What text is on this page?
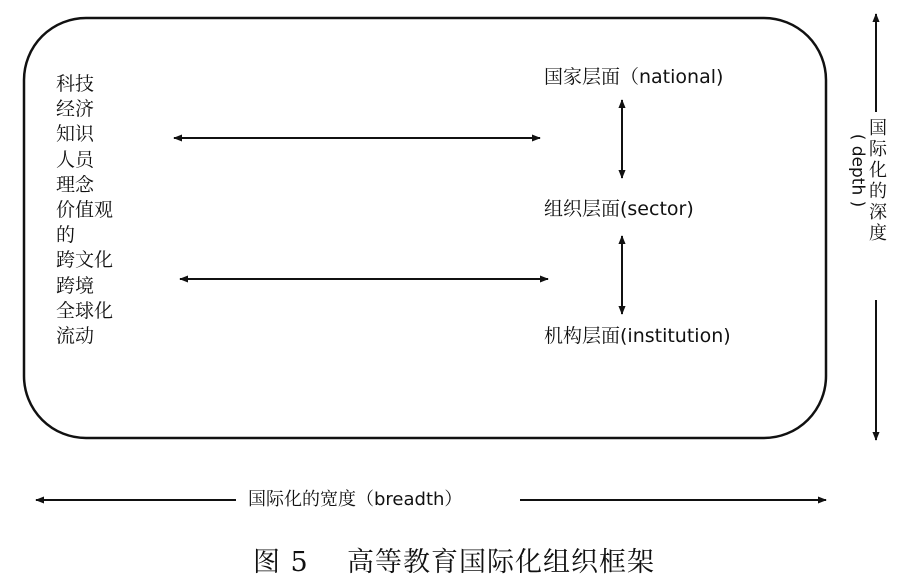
科技
经济
知识
人员
理念
价值观
的
跨文化
跨境
全球化
流动
国家层面（national)
组织层面(sector)
机构层面(institution)
( depth )
国
际
化
的
深
度
国际化的宽度（breadth）
图 5 高等教育国际化组织框架
